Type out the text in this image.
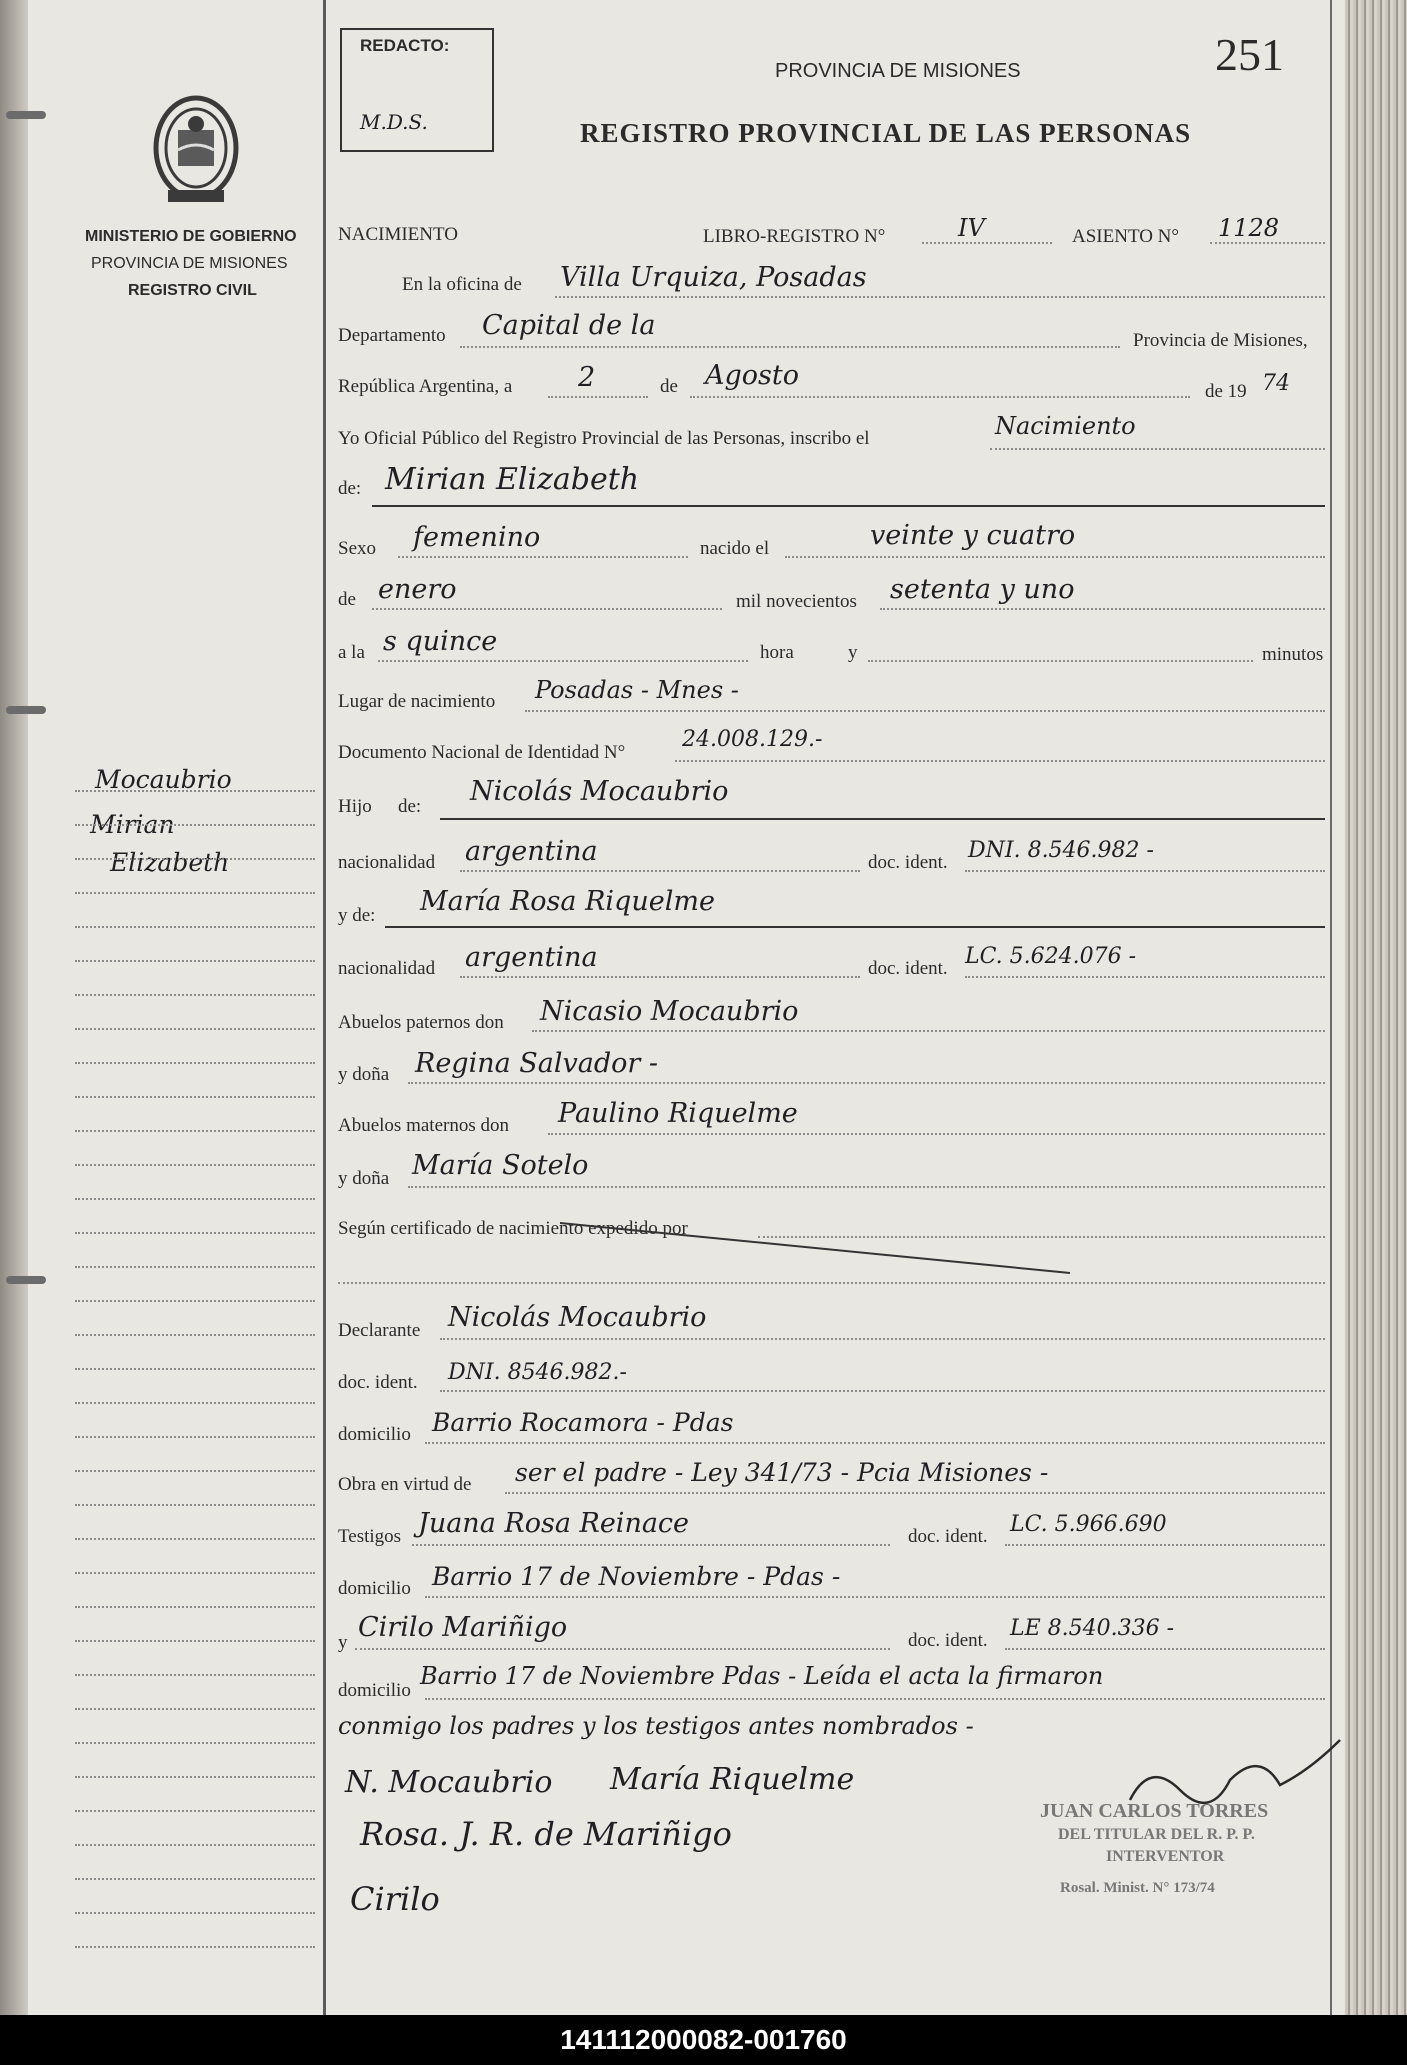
REDACTO:
M.D.S.
PROVINCIA DE MISIONES
REGISTRO PROVINCIAL DE LAS PERSONAS
251
MINISTERIO DE GOBIERNO
PROVINCIA DE MISIONES
REGISTRO CIVIL
Mocaubrio
Mirian
Elizabeth
NACIMIENTO	LIBRO-REGISTRO N°	IV	ASIENTO N° 1128
En la oficina de Villa Urquiza, Posadas
Departamento Capital de la	Provincia de Misiones,
República Argentina, a 2	de Agosto
de 19 74
Yo Oficial Público del Registro Provincial de las Personas, inscribo el	Nacimiento
de: Mirian Elizabeth
Sexo femenino	nacido el	veinte y cuatro
de enero	mil novecientos setenta y uno
a la s quince	hora	y	minutos
Lugar de nacimiento Posadas - Mnes -
Documento Nacional de Identidad N°
24.008.129.-
Hijo de: Nicolás Mocaubrio
nacionalidad argentina	doc. ident. DNI. 8.546.982 -
y de: María Rosa Riquelme
nacionalidad argentina	doc. ident. LC. 5.624.076 -
Abuelos paternos don Nicasio Mocaubrio
y doña Regina Salvador -
Abuelos maternos don Paulino Riquelme
y doña María Sotelo
Según certificado de nacimiento expedido por
Declarante Nicolás Mocaubrio
doc. ident. DNI. 8546.982.-
domicilio Barrio Rocamora - Pdas
Obra en virtud de ser el padre - Ley 341/73 - Pcia Misiones -
Testigos Juana Rosa Reinace	doc. ident. LC. 5.966.690
domicilio Barrio 17 de Noviembre - Pdas -
y Cirilo Mariñigo	doc. ident. LE 8.540.336 -
domicilio
Barrio 17 de Noviembre Pdas - Leída el acta la firmaron
conmigo los padres y los testigos antes nombrados -
N. Mocaubrio María Riquelme
Rosa. J. R. de Mariñigo
Cirilo
JUAN CARLOS TORRES
DEL TITULAR DEL R. P. P.
INTERVENTOR
Rosal. Minist. N° 173/74
141112000082-001760
